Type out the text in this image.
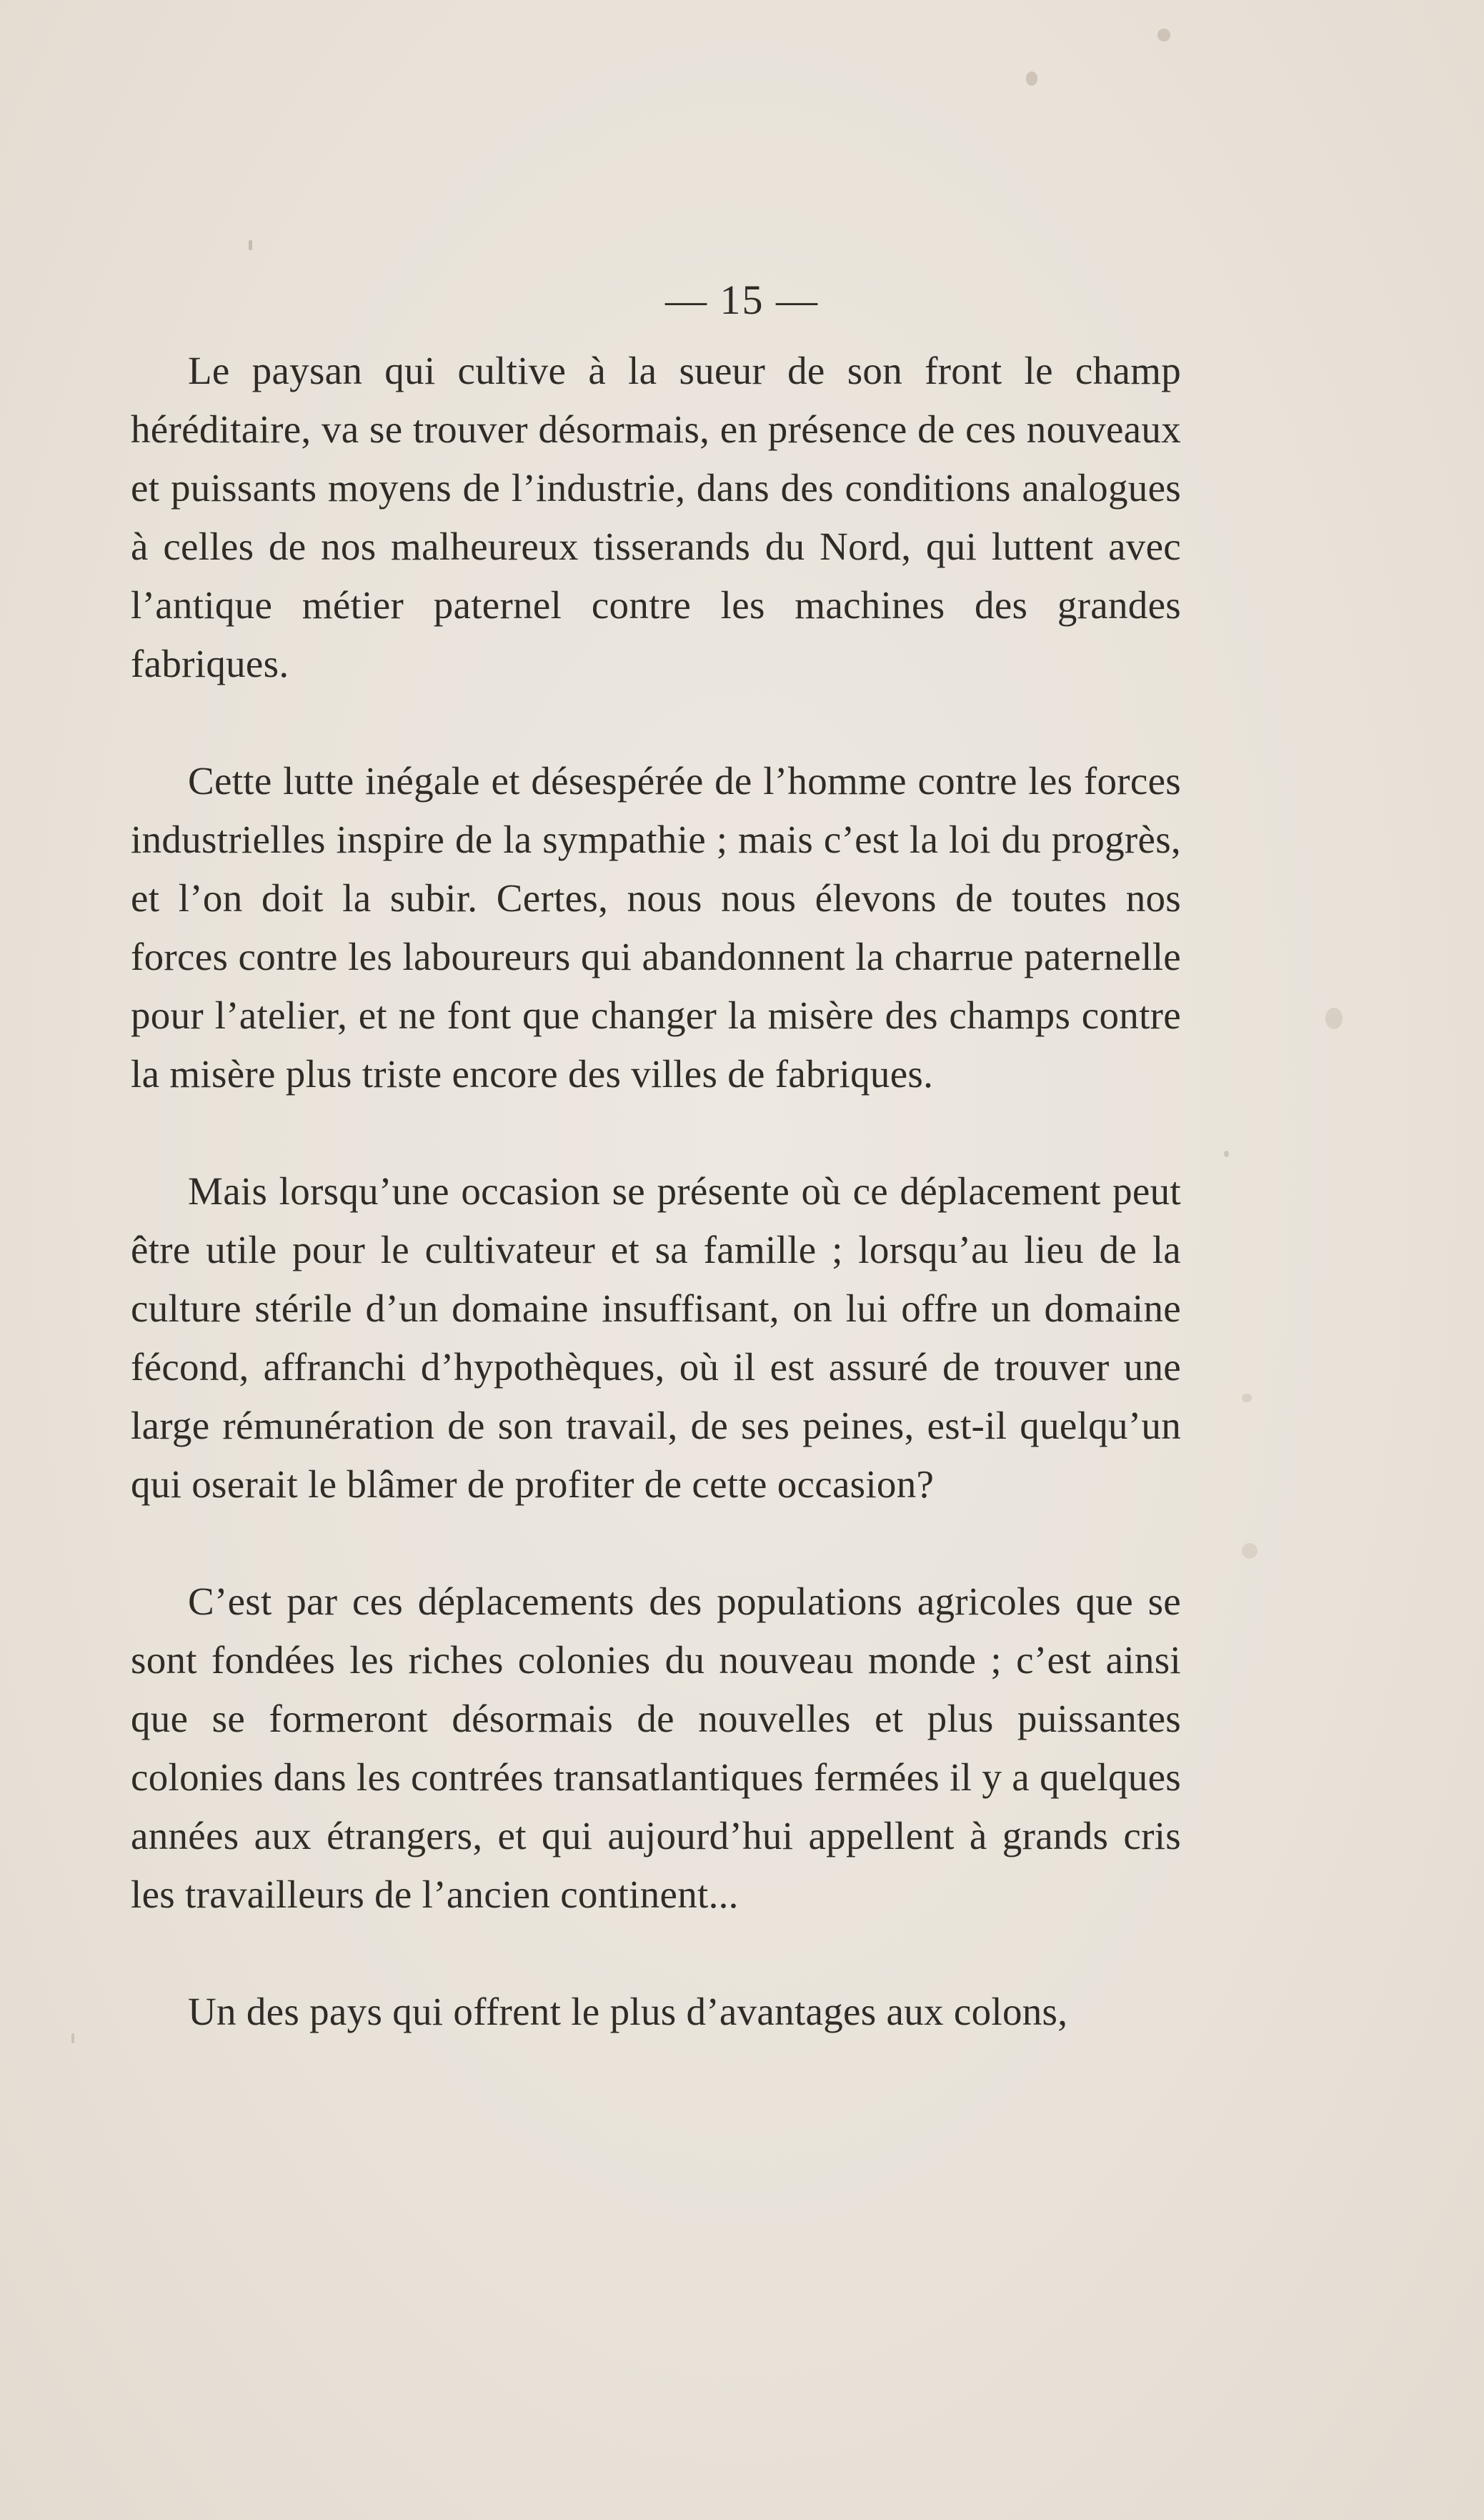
— 15 —

Le paysan qui cultive à la sueur de son front le champ héréditaire, va se trouver désormais, en présence de ces nouveaux et puissants moyens de l’industrie, dans des conditions analogues à celles de nos malheureux tisserands du Nord, qui luttent avec l’antique métier paternel contre les machines des grandes fabriques.

Cette lutte inégale et désespérée de l’homme contre les forces industrielles inspire de la sympathie ; mais c’est la loi du progrès, et l’on doit la subir. Certes, nous nous élevons de toutes nos forces contre les laboureurs qui abandonnent la charrue paternelle pour l’atelier, et ne font que changer la misère des champs contre la misère plus triste encore des villes de fabriques.

Mais lorsqu’une occasion se présente où ce déplacement peut être utile pour le cultivateur et sa famille ; lorsqu’au lieu de la culture stérile d’un domaine insuffisant, on lui offre un domaine fécond, affranchi d’hypothèques, où il est assuré de trouver une large rémunération de son travail, de ses peines, est-il quelqu’un qui oserait le blâmer de profiter de cette occasion?

C’est par ces déplacements des populations agricoles que se sont fondées les riches colonies du nouveau monde ; c’est ainsi que se formeront désormais de nouvelles et plus puissantes colonies dans les contrées transatlantiques fermées il y a quelques années aux étrangers, et qui aujourd’hui appellent à grands cris les travailleurs de l’ancien continent...

Un des pays qui offrent le plus d’avantages aux colons,
